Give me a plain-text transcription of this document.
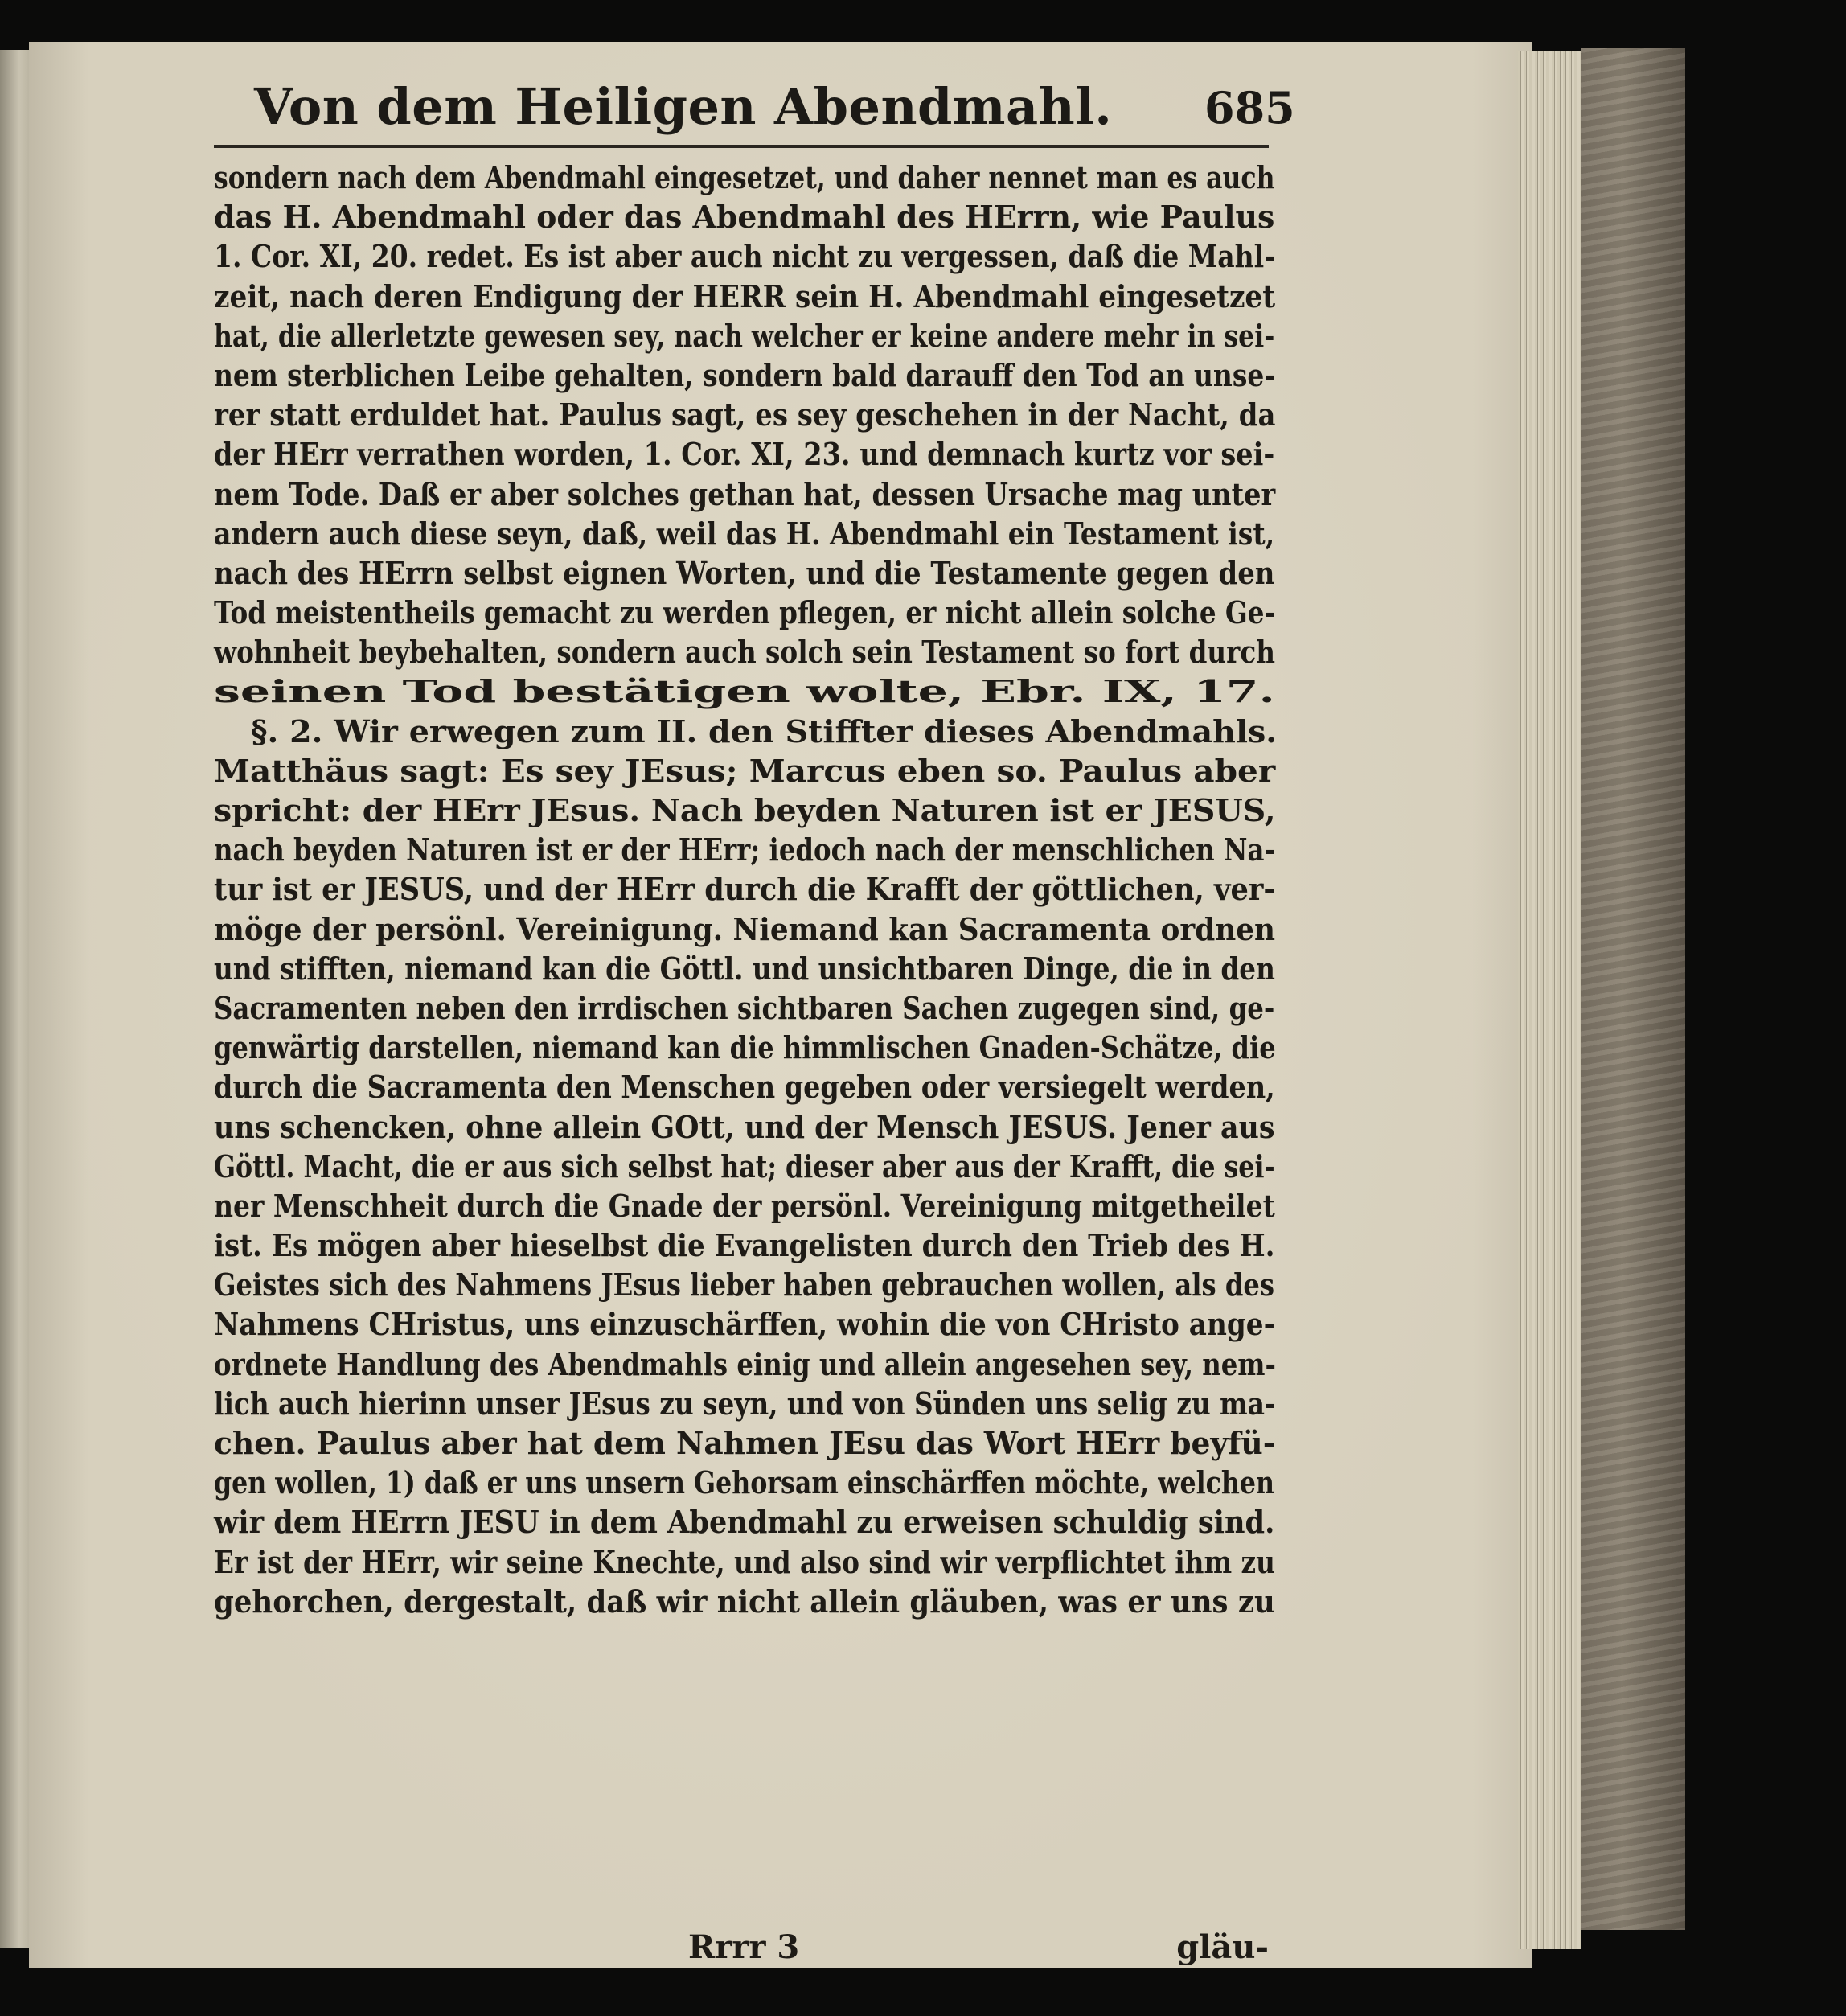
Von dem Heiligen Abendmahl. 685
sondern nach dem Abendmahl eingesetzet, und daher nennet man es auch
das H. Abendmahl oder das Abendmahl des HErrn, wie Paulus
1. Cor. XI, 20. redet. Es ist aber auch nicht zu vergessen, daß die Mahl-
zeit, nach deren Endigung der HERR sein H. Abendmahl eingesetzet
hat, die allerletzte gewesen sey, nach welcher er keine andere mehr in sei-
nem sterblichen Leibe gehalten, sondern bald darauff den Tod an unse-
rer statt erduldet hat. Paulus sagt, es sey geschehen in der Nacht, da
der HErr verrathen worden, 1. Cor. XI, 23. und demnach kurtz vor sei-
nem Tode. Daß er aber solches gethan hat, dessen Ursache mag unter
andern auch diese seyn, daß, weil das H. Abendmahl ein Testament ist,
nach des HErrn selbst eignen Worten, und die Testamente gegen den
Tod meistentheils gemacht zu werden pflegen, er nicht allein solche Ge-
wohnheit beybehalten, sondern auch solch sein Testament so fort durch
seinen Tod bestätigen wolte, Ebr. IX, 17.
§. 2. Wir erwegen zum II. den Stiffter dieses Abendmahls.
Matthäus sagt: Es sey JEsus; Marcus eben so. Paulus aber
spricht: der HErr JEsus. Nach beyden Naturen ist er JESUS,
nach beyden Naturen ist er der HErr; iedoch nach der menschlichen Na-
tur ist er JESUS, und der HErr durch die Krafft der göttlichen, ver-
möge der persönl. Vereinigung. Niemand kan Sacramenta ordnen
und stifften, niemand kan die Göttl. und unsichtbaren Dinge, die in den
Sacramenten neben den irrdischen sichtbaren Sachen zugegen sind, ge-
genwärtig darstellen, niemand kan die himmlischen Gnaden-Schätze, die
durch die Sacramenta den Menschen gegeben oder versiegelt werden,
uns schencken, ohne allein GOtt, und der Mensch JESUS. Jener aus
Göttl. Macht, die er aus sich selbst hat; dieser aber aus der Krafft, die sei-
ner Menschheit durch die Gnade der persönl. Vereinigung mitgetheilet
ist. Es mögen aber hieselbst die Evangelisten durch den Trieb des H.
Geistes sich des Nahmens JEsus lieber haben gebrauchen wollen, als des
Nahmens CHristus, uns einzuschärffen, wohin die von CHristo ange-
ordnete Handlung des Abendmahls einig und allein angesehen sey, nem-
lich auch hierinn unser JEsus zu seyn, und von Sünden uns selig zu ma-
chen. Paulus aber hat dem Nahmen JEsu das Wort HErr beyfü-
gen wollen, 1) daß er uns unsern Gehorsam einschärffen möchte, welchen
wir dem HErrn JESU in dem Abendmahl zu erweisen schuldig sind.
Er ist der HErr, wir seine Knechte, und also sind wir verpflichtet ihm zu
gehorchen, dergestalt, daß wir nicht allein gläuben, was er uns zu
Rrrr 3	gläu-
